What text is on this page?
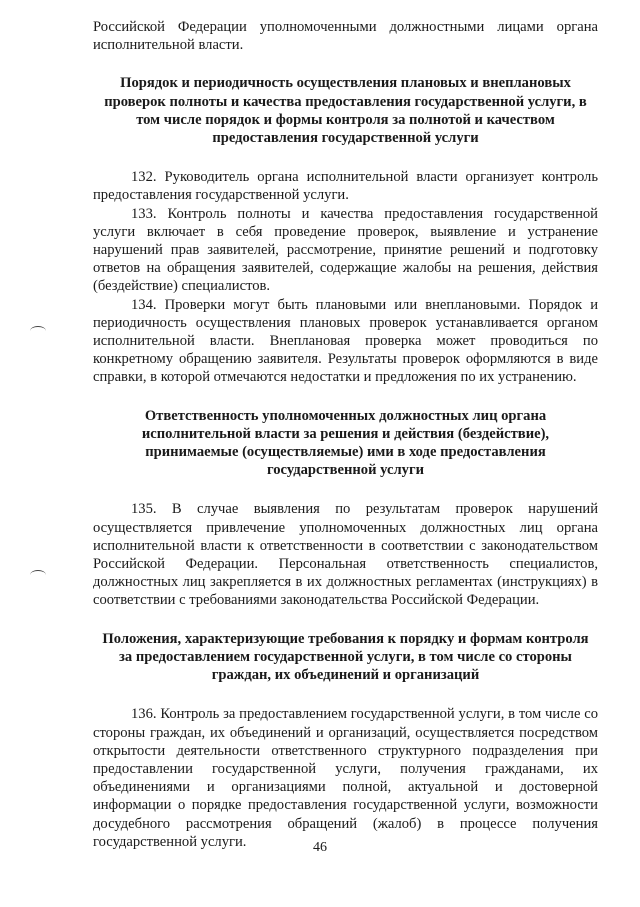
Российской Федерации уполномоченными должностными лицами органа исполнительной власти.

Порядок и периодичность осуществления плановых и внеплановых проверок полноты и качества предоставления государственной услуги, в том числе порядок и формы контроля за полнотой и качеством предоставления государственной услуги

132. Руководитель органа исполнительной власти организует контроль предоставления государственной услуги.

133. Контроль полноты и качества предоставления государственной услуги включает в себя проведение проверок, выявление и устранение нарушений прав заявителей, рассмотрение, принятие решений и подготовку ответов на обращения заявителей, содержащие жалобы на решения, действия (бездействие) специалистов.

134. Проверки могут быть плановыми или внеплановыми. Порядок и периодичность осуществления плановых проверок устанавливается органом исполнительной власти. Внеплановая проверка может проводиться по конкретному обращению заявителя. Результаты проверок оформляются в виде справки, в которой отмечаются недостатки и предложения по их устранению.

Ответственность уполномоченных должностных лиц органа исполнительной власти за решения и действия (бездействие), принимаемые (осуществляемые) ими в ходе предоставления государственной услуги

135. В случае выявления по результатам проверок нарушений осуществляется привлечение уполномоченных должностных лиц органа исполнительной власти к ответственности в соответствии с законодательством Российской Федерации. Персональная ответственность специалистов, должностных лиц закрепляется в их должностных регламентах (инструкциях) в соответствии с требованиями законодательства Российской Федерации.

Положения, характеризующие требования к порядку и формам контроля за предоставлением государственной услуги, в том числе со стороны граждан, их объединений и организаций

136. Контроль за предоставлением государственной услуги, в том числе со стороны граждан, их объединений и организаций, осуществляется посредством открытости деятельности ответственного структурного подразделения при предоставлении государственной услуги, получения гражданами, их объединениями и организациями полной, актуальной и достоверной информации о порядке предоставления государственной услуги, возможности досудебного рассмотрения обращений (жалоб) в процессе получения государственной услуги.	46
